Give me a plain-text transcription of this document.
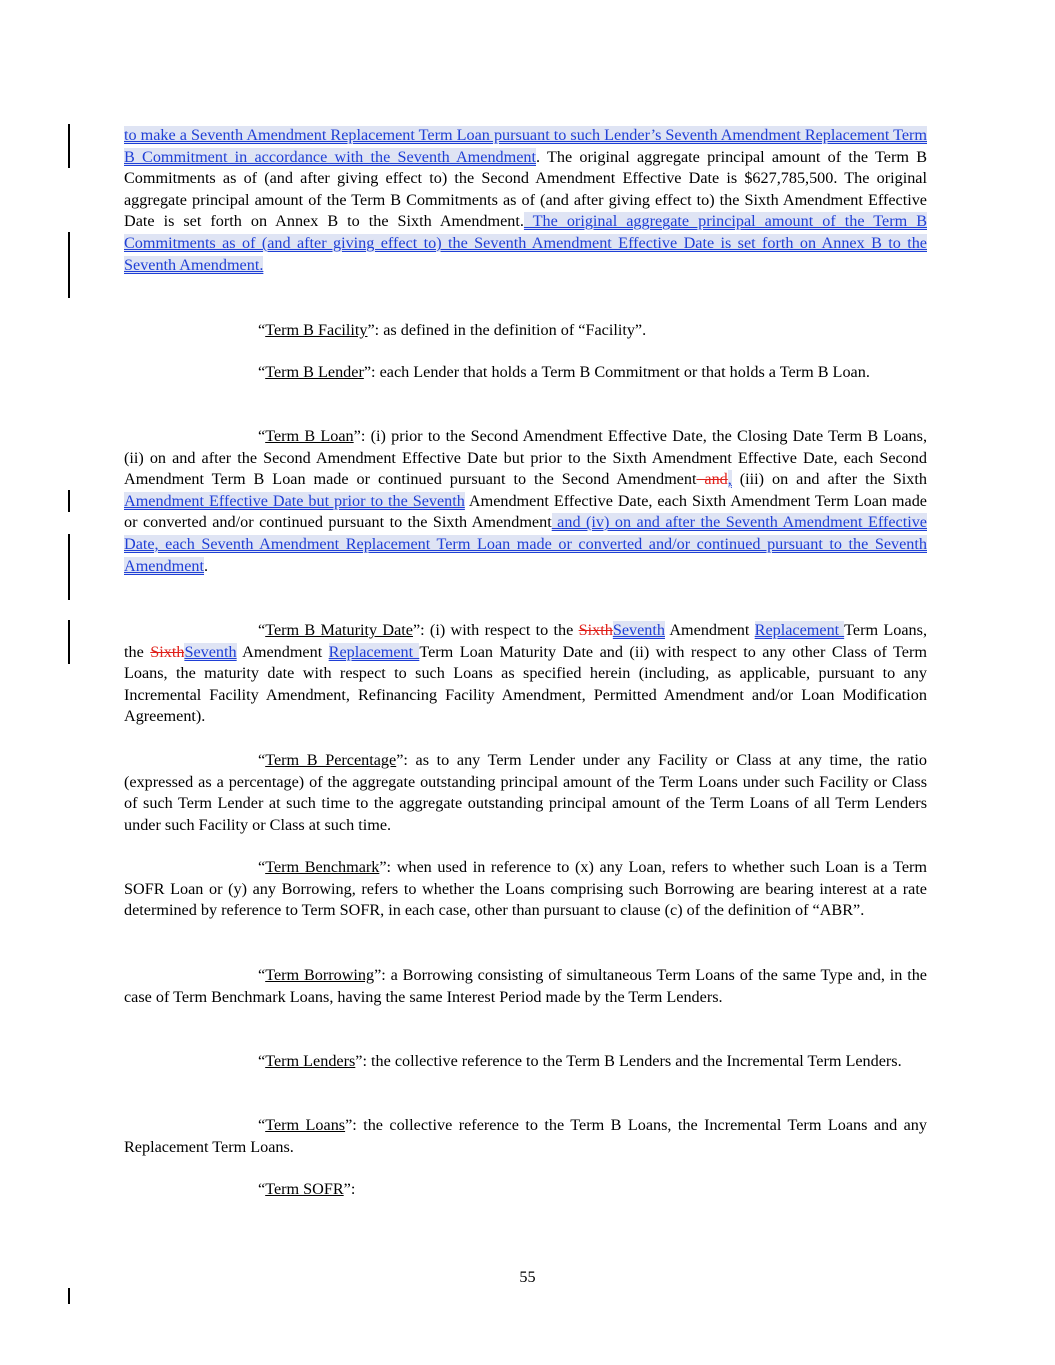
to make a Seventh Amendment Replacement Term Loan pursuant to such Lender’s Seventh Amendment Replacement Term B Commitment in accordance with the Seventh Amendment. The original aggregate principal amount of the Term B Commitments as of (and after giving effect to) the Second Amendment Effective Date is $627,785,500. The original aggregate principal amount of the Term B Commitments as of (and after giving effect to) the Sixth Amendment Effective Date is set forth on Annex B to the Sixth Amendment. The original aggregate principal amount of the Term B Commitments as of (and after giving effect to) the Seventh Amendment Effective Date is set forth on Annex B to the Seventh Amendment.

“Term B Facility”: as defined in the definition of “Facility”.

“Term B Lender”: each Lender that holds a Term B Commitment or that holds a Term B Loan.

“Term B Loan”: (i) prior to the Second Amendment Effective Date, the Closing Date Term B Loans, (ii) on and after the Second Amendment Effective Date but prior to the Sixth Amendment Effective Date, each Second Amendment Term B Loan made or continued pursuant to the Second Amendment and, (iii) on and after the Sixth Amendment Effective Date but prior to the Seventh Amendment Effective Date, each Sixth Amendment Term Loan made or converted and/or continued pursuant to the Sixth Amendment and (iv) on and after the Seventh Amendment Effective Date, each Seventh Amendment Replacement Term Loan made or converted and/or continued pursuant to the Seventh Amendment.

“Term B Maturity Date”: (i) with respect to the SixthSeventh Amendment Replacement Term Loans, the SixthSeventh Amendment Replacement Term Loan Maturity Date and (ii) with respect to any other Class of Term Loans, the maturity date with respect to such Loans as specified herein (including, as applicable, pursuant to any Incremental Facility Amendment, Refinancing Facility Amendment, Permitted Amendment and/or Loan Modification Agreement).

“Term B Percentage”: as to any Term Lender under any Facility or Class at any time, the ratio (expressed as a percentage) of the aggregate outstanding principal amount of the Term Loans under such Facility or Class of such Term Lender at such time to the aggregate outstanding principal amount of the Term Loans of all Term Lenders under such Facility or Class at such time.

“Term Benchmark”: when used in reference to (x) any Loan, refers to whether such Loan is a Term SOFR Loan or (y) any Borrowing, refers to whether the Loans comprising such Borrowing are bearing interest at a rate determined by reference to Term SOFR, in each case, other than pursuant to clause (c) of the definition of “ABR”.

“Term Borrowing”: a Borrowing consisting of simultaneous Term Loans of the same Type and, in the case of Term Benchmark Loans, having the same Interest Period made by the Term Lenders.

“Term Lenders”: the collective reference to the Term B Lenders and the Incremental Term Lenders.

“Term Loans”: the collective reference to the Term B Loans, the Incremental Term Loans and any Replacement Term Loans.

“Term SOFR”:

55
